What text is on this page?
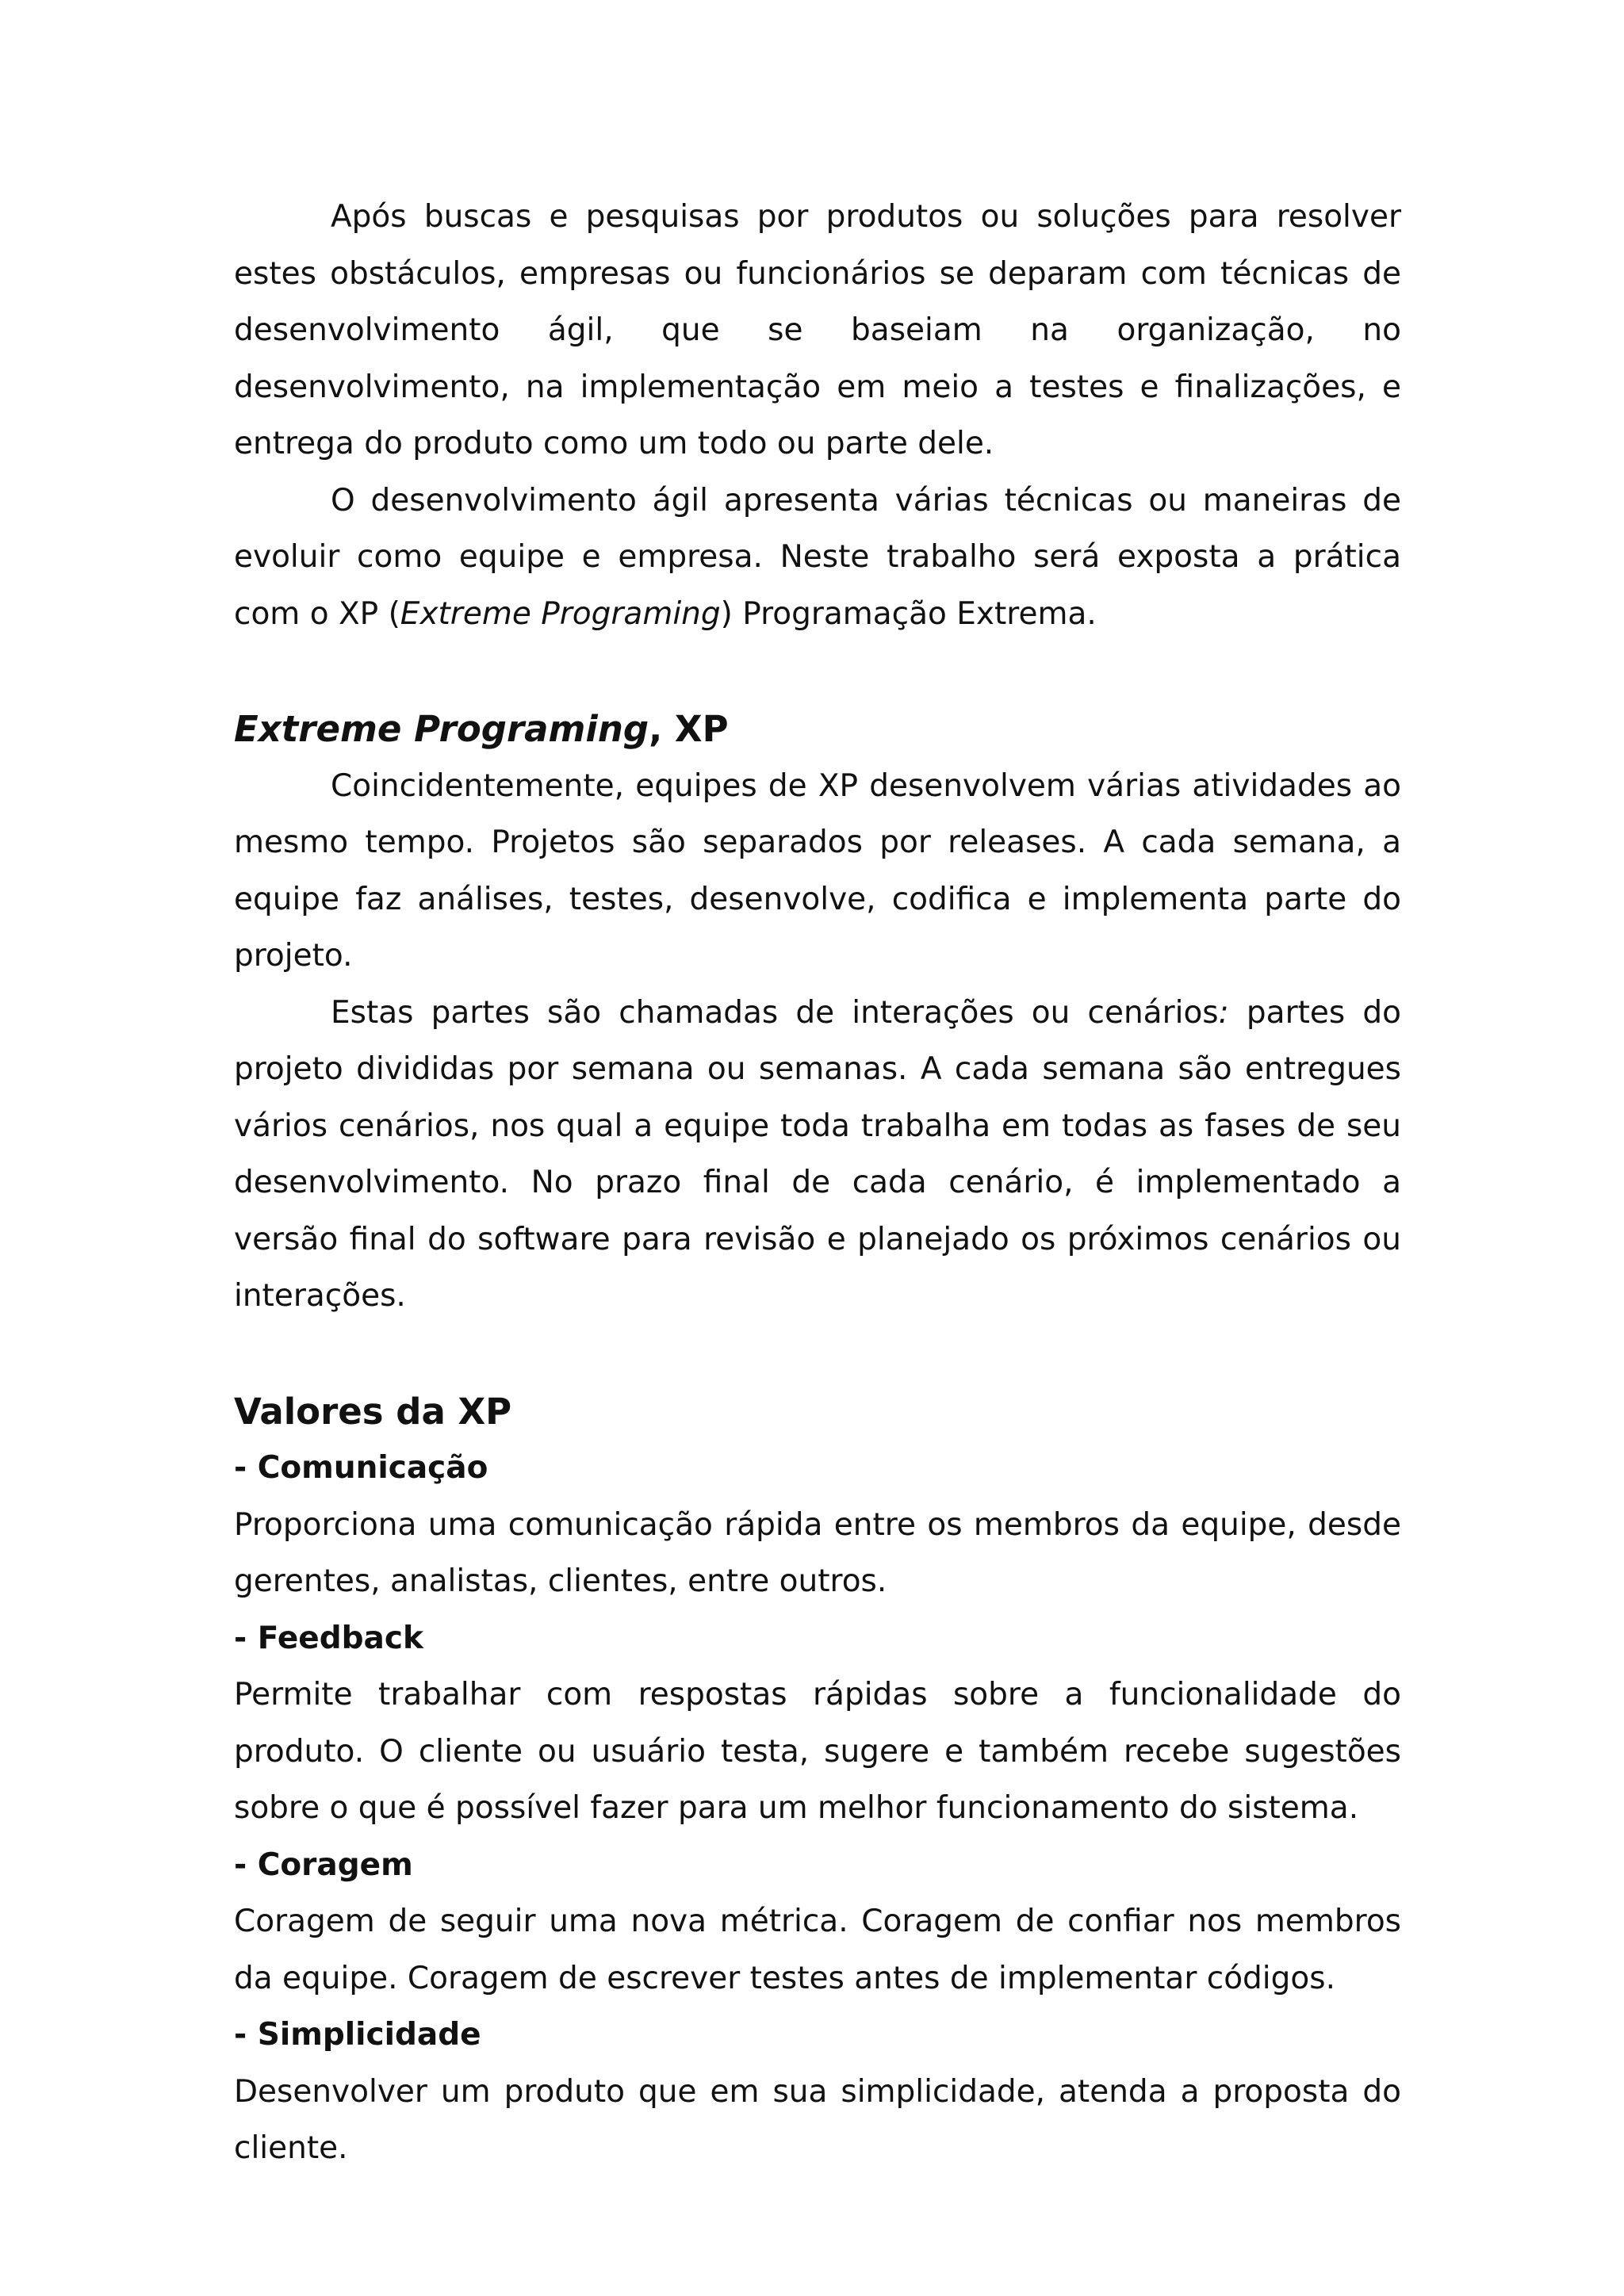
Após buscas e pesquisas por produtos ou soluções para resolver estes obstáculos, empresas ou funcionários se deparam com técnicas de desenvolvimento ágil, que se baseiam na organização, no desenvolvimento, na implementação em meio a testes e finalizações, e entrega do produto como um todo ou parte dele.

O desenvolvimento ágil apresenta várias técnicas ou maneiras de evoluir como equipe e empresa. Neste trabalho será exposta a prática com o XP (Extreme Programing) Programação Extrema.

Extreme Programing, XP

Coincidentemente, equipes de XP desenvolvem várias atividades ao mesmo tempo. Projetos são separados por releases. A cada semana, a equipe faz análises, testes, desenvolve, codifica e implementa parte do projeto.

Estas partes são chamadas de interações ou cenários: partes do projeto divididas por semana ou semanas. A cada semana são entregues vários cenários, nos qual a equipe toda trabalha em todas as fases de seu desenvolvimento. No prazo final de cada cenário, é implementado a versão final do software para revisão e planejado os próximos cenários ou interações.

Valores da XP
- Comunicação

Proporciona uma comunicação rápida entre os membros da equipe, desde gerentes, analistas, clientes, entre outros.

- Feedback

Permite trabalhar com respostas rápidas sobre a funcionalidade do produto. O cliente ou usuário testa, sugere e também recebe sugestões sobre o que é possível fazer para um melhor funcionamento do sistema.

- Coragem

Coragem de seguir uma nova métrica. Coragem de confiar nos membros da equipe. Coragem de escrever testes antes de implementar códigos.

- Simplicidade

Desenvolver um produto que em sua simplicidade, atenda a proposta do cliente.
